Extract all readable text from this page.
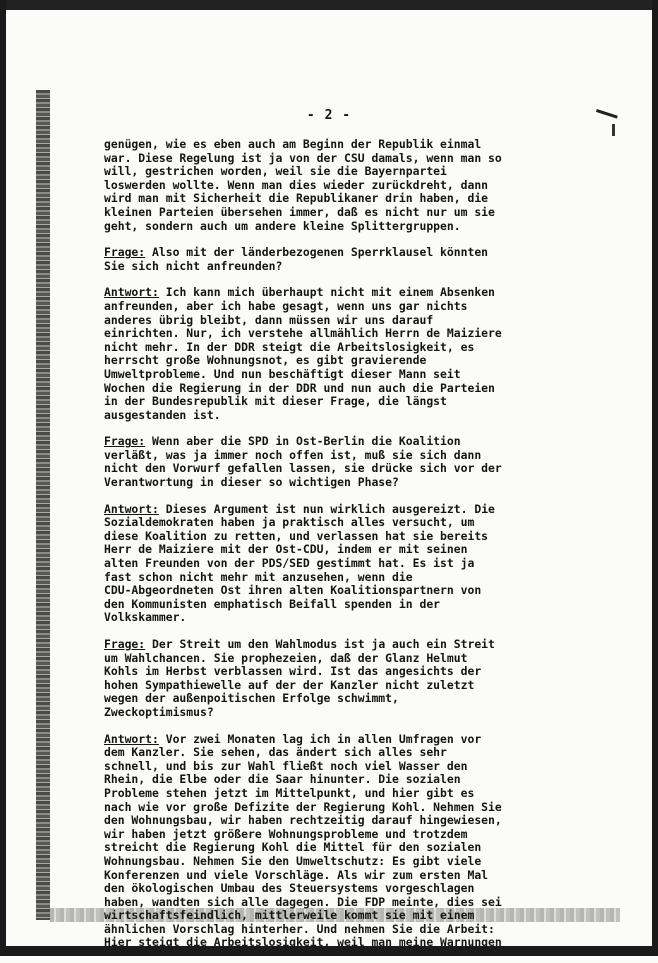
- 2 -

genügen, wie es eben auch am Beginn der Republik einmal
war. Diese Regelung ist ja von der CSU damals, wenn man so
will, gestrichen worden, weil sie die Bayernpartei
loswerden wollte. Wenn man dies wieder zurückdreht, dann
wird man mit Sicherheit die Republikaner drin haben, die
kleinen Parteien übersehen immer, daß es nicht nur um sie
geht, sondern auch um andere kleine Splittergruppen.

Frage: Also mit der länderbezogenen Sperrklausel könnten
Sie sich nicht anfreunden?

Antwort: Ich kann mich überhaupt nicht mit einem Absenken
anfreunden, aber ich habe gesagt, wenn uns gar nichts
anderes übrig bleibt, dann müssen wir uns darauf
einrichten. Nur, ich verstehe allmählich Herrn de Maiziere
nicht mehr. In der DDR steigt die Arbeitslosigkeit, es
herrscht große Wohnungsnot, es gibt gravierende
Umweltprobleme. Und nun beschäftigt dieser Mann seit
Wochen die Regierung in der DDR und nun auch die Parteien
in der Bundesrepublik mit dieser Frage, die längst
ausgestanden ist.

Frage: Wenn aber die SPD in Ost-Berlin die Koalition
verläßt, was ja immer noch offen ist, muß sie sich dann
nicht den Vorwurf gefallen lassen, sie drücke sich vor der
Verantwortung in dieser so wichtigen Phase?

Antwort: Dieses Argument ist nun wirklich ausgereizt. Die
Sozialdemokraten haben ja praktisch alles versucht, um
diese Koalition zu retten, und verlassen hat sie bereits
Herr de Maiziere mit der Ost-CDU, indem er mit seinen
alten Freunden von der PDS/SED gestimmt hat. Es ist ja
fast schon nicht mehr mit anzusehen, wenn die
CDU-Abgeordneten Ost ihren alten Koalitionspartnern von
den Kommunisten emphatisch Beifall spenden in der
Volkskammer.

Frage: Der Streit um den Wahlmodus ist ja auch ein Streit
um Wahlchancen. Sie prophezeien, daß der Glanz Helmut
Kohls im Herbst verblassen wird. Ist das angesichts der
hohen Sympathiewelle auf der der Kanzler nicht zuletzt
wegen der außenpoitischen Erfolge schwimmt,
Zweckoptimismus?

Antwort: Vor zwei Monaten lag ich in allen Umfragen vor
dem Kanzler. Sie sehen, das ändert sich alles sehr
schnell, und bis zur Wahl fließt noch viel Wasser den
Rhein, die Elbe oder die Saar hinunter. Die sozialen
Probleme stehen jetzt im Mittelpunkt, und hier gibt es
nach wie vor große Defizite der Regierung Kohl. Nehmen Sie
den Wohnungsbau, wir haben rechtzeitig darauf hingewiesen,
wir haben jetzt größere Wohnungsprobleme und trotzdem
streicht die Regierung Kohl die Mittel für den sozialen
Wohnungsbau. Nehmen Sie den Umweltschutz: Es gibt viele
Konferenzen und viele Vorschläge. Als wir zum ersten Mal
den ökologischen Umbau des Steuersystems vorgeschlagen
haben, wandten sich alle dagegen. Die FDP meinte, dies sei
wirtschaftsfeindlich, mittlerweile kommt sie mit einem
ähnlichen Vorschlag hinterher. Und nehmen Sie die Arbeit:
Hier steigt die Arbeitslosigkeit, weil man meine Warnungen
